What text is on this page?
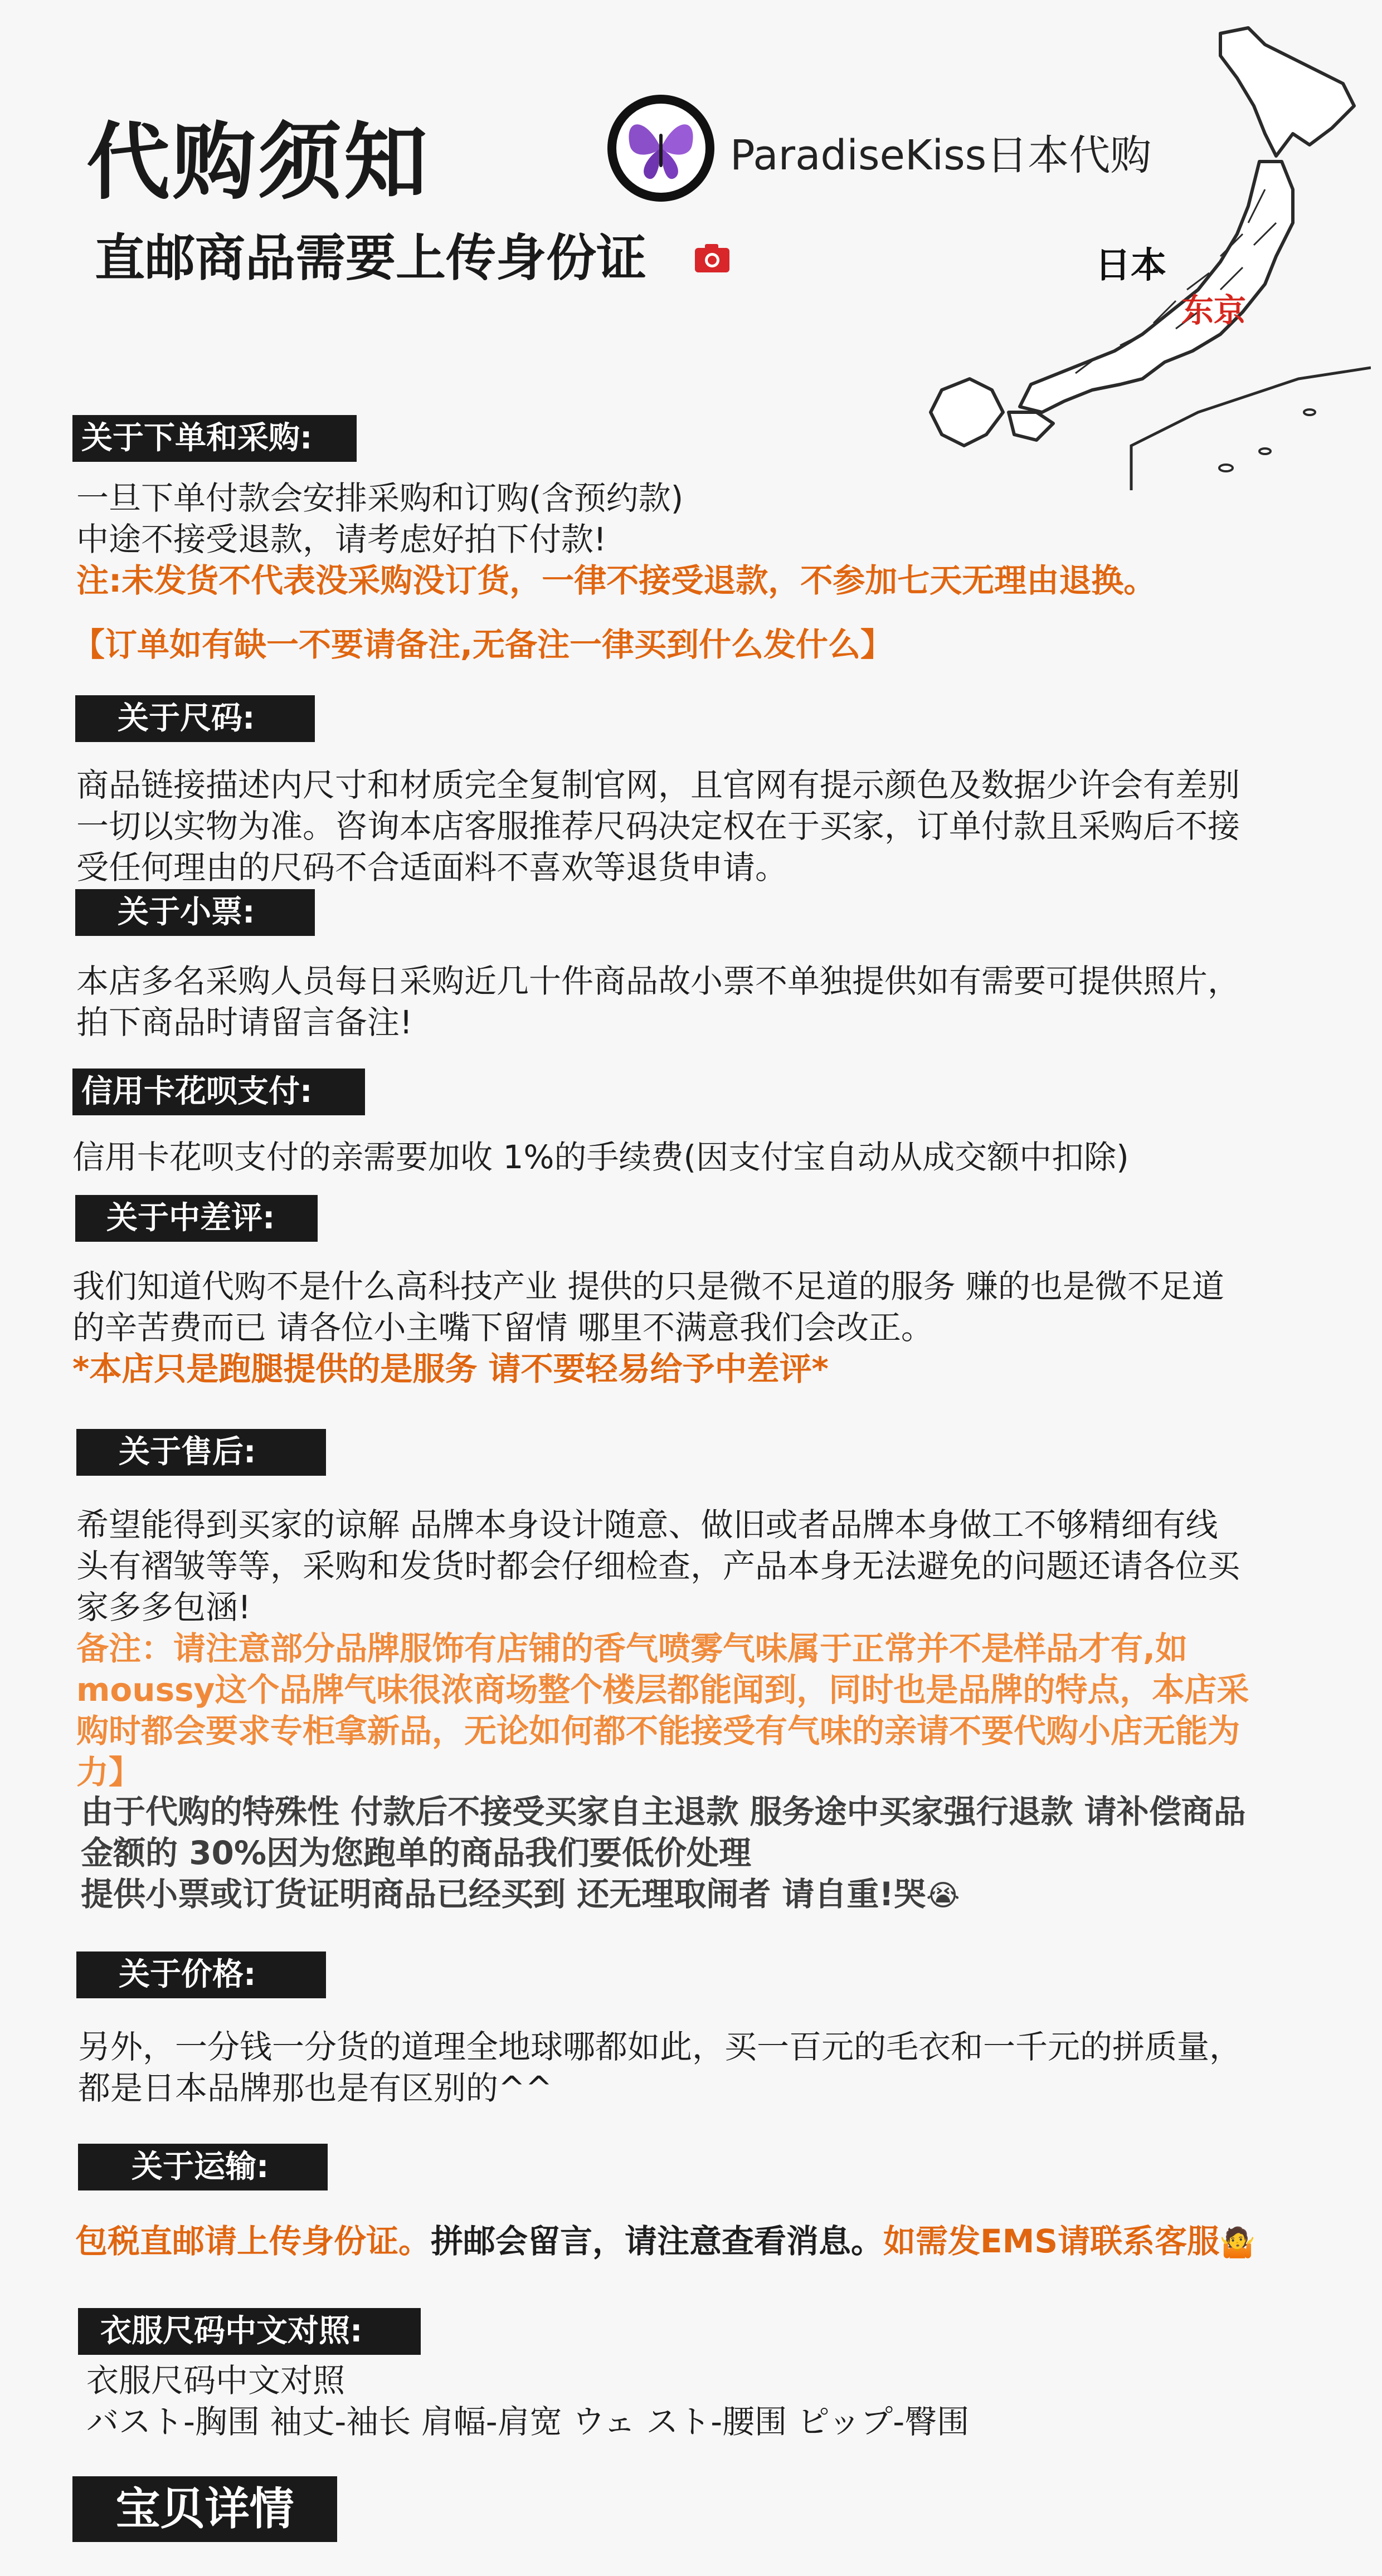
代购须知
直邮商品需要上传身份证
ParadiseKiss日本代购
日本
东京
关于下单和采购:
一旦下单付款会安排采购和订购(含预约款)
中途不接受退款，请考虑好拍下付款!
注:未发货不代表没采购没订货，一律不接受退款，不参加七天无理由退换。
【订单如有缺一不要请备注,无备注一律买到什么发什么】
关于尺码:
商品链接描述内尺寸和材质完全复制官网，且官网有提示颜色及数据少许会有差别
一切以实物为准。咨询本店客服推荐尺码决定权在于买家，订单付款且采购后不接
受任何理由的尺码不合适面料不喜欢等退货申请。
关于小票:
本店多名采购人员每日采购近几十件商品故小票不单独提供如有需要可提供照片，
拍下商品时请留言备注!
信用卡花呗支付:
信用卡花呗支付的亲需要加收 1%的手续费(因支付宝自动从成交额中扣除)
关于中差评:
我们知道代购不是什么高科技产业 提供的只是微不足道的服务 赚的也是微不足道
的辛苦费而已 请各位小主嘴下留情 哪里不满意我们会改正。
*本店只是跑腿提供的是服务 请不要轻易给予中差评*
关于售后:
希望能得到买家的谅解 品牌本身设计随意、做旧或者品牌本身做工不够精细有线
头有褶皱等等，采购和发货时都会仔细检查，产品本身无法避免的问题还请各位买
家多多包涵!
备注：请注意部分品牌服饰有店铺的香气喷雾气味属于正常并不是样品才有,如
moussy这个品牌气味很浓商场整个楼层都能闻到，同时也是品牌的特点，本店采
购时都会要求专柜拿新品，无论如何都不能接受有气味的亲请不要代购小店无能为
力】
由于代购的特殊性 付款后不接受买家自主退款 服务途中买家强行退款 请补偿商品
金额的 30%因为您跑单的商品我们要低价处理
提供小票或订货证明商品已经买到 还无理取闹者 请自重!哭😭
关于价格:
另外，一分钱一分货的道理全地球哪都如此，买一百元的毛衣和一千元的拼质量，
都是日本品牌那也是有区别的^^
关于运输:
包税直邮请上传身份证。拼邮会留言，请注意查看消息。如需发EMS请联系客服🤷
衣服尺码中文对照:
衣服尺码中文对照
バスト-胸围 袖丈-袖长 肩幅-肩宽 ウェ スト-腰围 ピップ-臀围
宝贝详情
